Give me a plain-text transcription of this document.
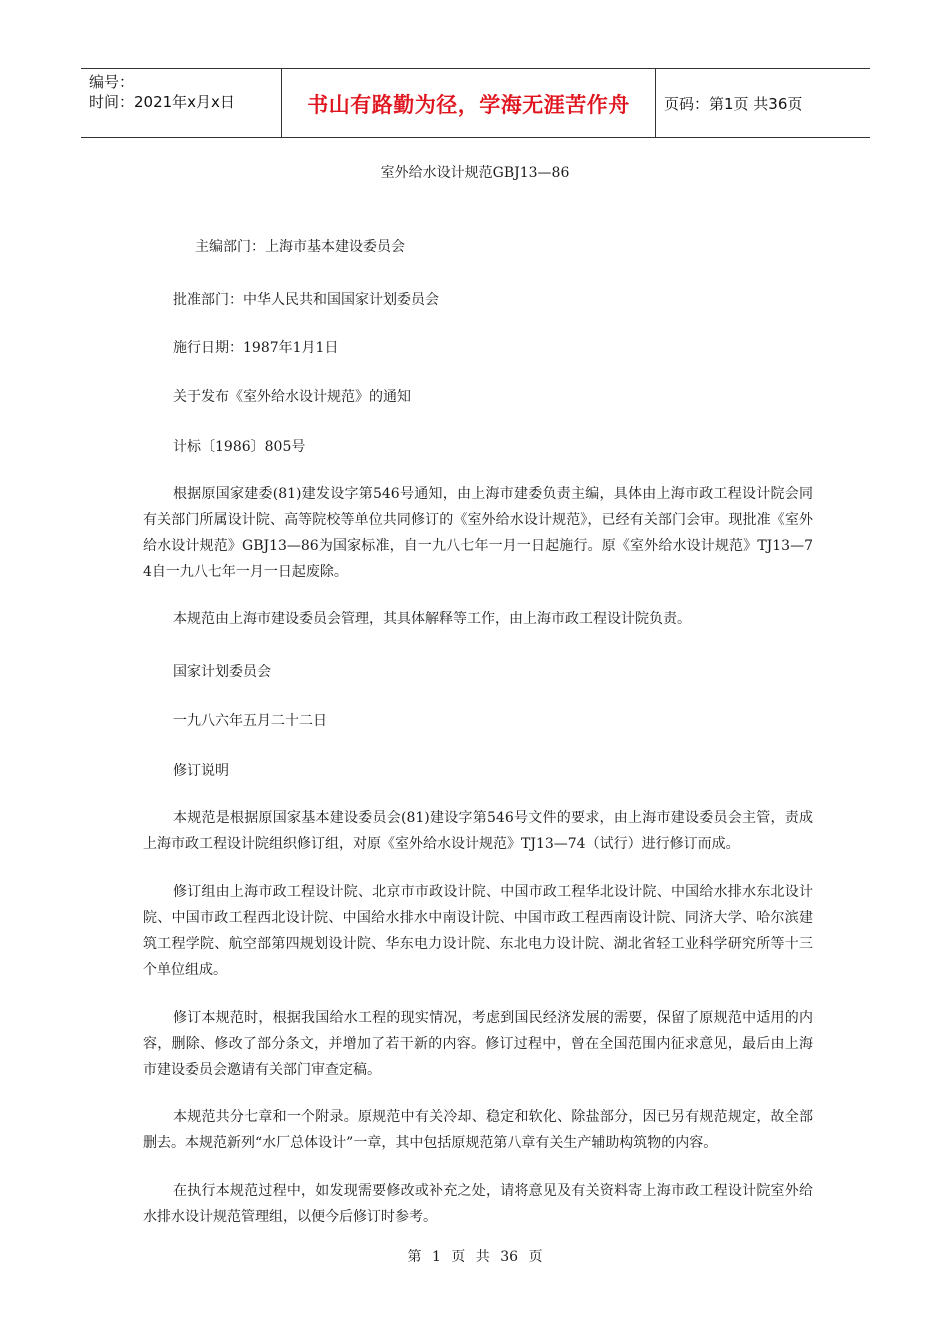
编号：
时间：2021年x月x日	书山有路勤为径，学海无涯苦作舟 页码：第1页 共36页
室外给水设计规范GBJ13—86
主编部门：上海市基本建设委员会
批准部门：中华人民共和国国家计划委员会
施行日期：1987年1月1日
关于发布《室外给水设计规范》的通知
计标〔1986〕805号
根据原国家建委(81)建发设字第546号通知，由上海市建委负责主编，具体由上海市政工程设计院会同有关部门所属设计院、高等院校等单位共同修订的《室外给水设计规范》，已经有关部门会审。现批准《室外给水设计规范》GBJ13—86为国家标准，自一九八七年一月一日起施行。原《室外给水设计规范》TJ13—74自一九八七年一月一日起废除。
本规范由上海市建设委员会管理，其具体解释等工作，由上海市政工程设计院负责。
国家计划委员会
一九八六年五月二十二日
修订说明
本规范是根据原国家基本建设委员会(81)建设字第546号文件的要求，由上海市建设委员会主管，责成上海市政工程设计院组织修订组，对原《室外给水设计规范》TJ13—74（试行）进行修订而成。
修订组由上海市政工程设计院、北京市市政设计院、中国市政工程华北设计院、中国给水排水东北设计院、中国市政工程西北设计院、中国给水排水中南设计院、中国市政工程西南设计院、同济大学、哈尔滨建筑工程学院、航空部第四规划设计院、华东电力设计院、东北电力设计院、湖北省轻工业科学研究所等十三个单位组成。
修订本规范时，根据我国给水工程的现实情况，考虑到国民经济发展的需要，保留了原规范中适用的内容，删除、修改了部分条文，并增加了若干新的内容。修订过程中，曾在全国范围内征求意见，最后由上海市建设委员会邀请有关部门审查定稿。
本规范共分七章和一个附录。原规范中有关冷却、稳定和软化、除盐部分，因已另有规范规定，故全部删去。本规范新列“水厂总体设计”一章，其中包括原规范第八章有关生产辅助构筑物的内容。
在执行本规范过程中，如发现需要修改或补充之处，请将意见及有关资料寄上海市政工程设计院室外给水排水设计规范管理组，以便今后修订时参考。
第 1 页 共 36 页
